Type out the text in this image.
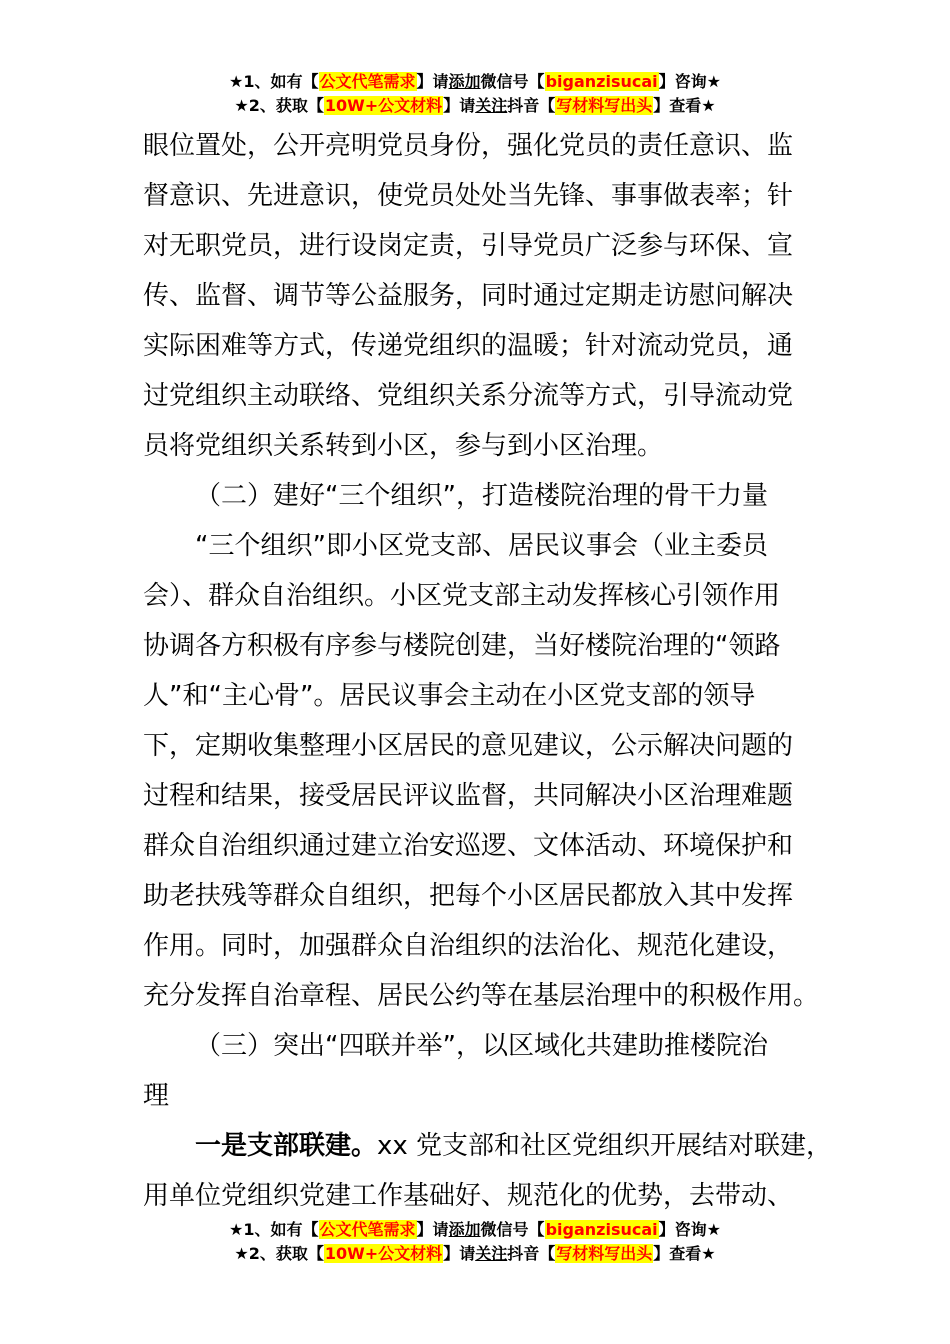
★1、如有【公文代笔需求】请添加微信号【biganzisucai】咨询★
★2、获取【10W+公文材料】请关注抖音【写材料写出头】查看★
眼位置处，公开亮明党员身份，强化党员的责任意识、监
督意识、先进意识，使党员处处当先锋、事事做表率；针
对无职党员，进行设岗定责，引导党员广泛参与环保、宣
传、监督、调节等公益服务，同时通过定期走访慰问解决
实际困难等方式，传递党组织的温暖；针对流动党员，通
过党组织主动联络、党组织关系分流等方式，引导流动党
员将党组织关系转到小区，参与到小区治理。
（二）建好“三个组织”，打造楼院治理的骨干力量
“三个组织”即小区党支部、居民议事会（业主委员
会）、群众自治组织。小区党支部主动发挥核心引领作用
协调各方积极有序参与楼院创建，当好楼院治理的“领路
人”和“主心骨”。居民议事会主动在小区党支部的领导
下，定期收集整理小区居民的意见建议，公示解决问题的
过程和结果，接受居民评议监督，共同解决小区治理难题
群众自治组织通过建立治安巡逻、文体活动、环境保护和
助老扶残等群众自组织，把每个小区居民都放入其中发挥
作用。同时，加强群众自治组织的法治化、规范化建设，
充分发挥自治章程、居民公约等在基层治理中的积极作用。
（三）突出“四联并举”，以区域化共建助推楼院治
理
一是支部联建。xx 党支部和社区党组织开展结对联建，
用单位党组织党建工作基础好、规范化的优势，去带动、
★1、如有【公文代笔需求】请添加微信号【biganzisucai】咨询★
★2、获取【10W+公文材料】请关注抖音【写材料写出头】查看★
